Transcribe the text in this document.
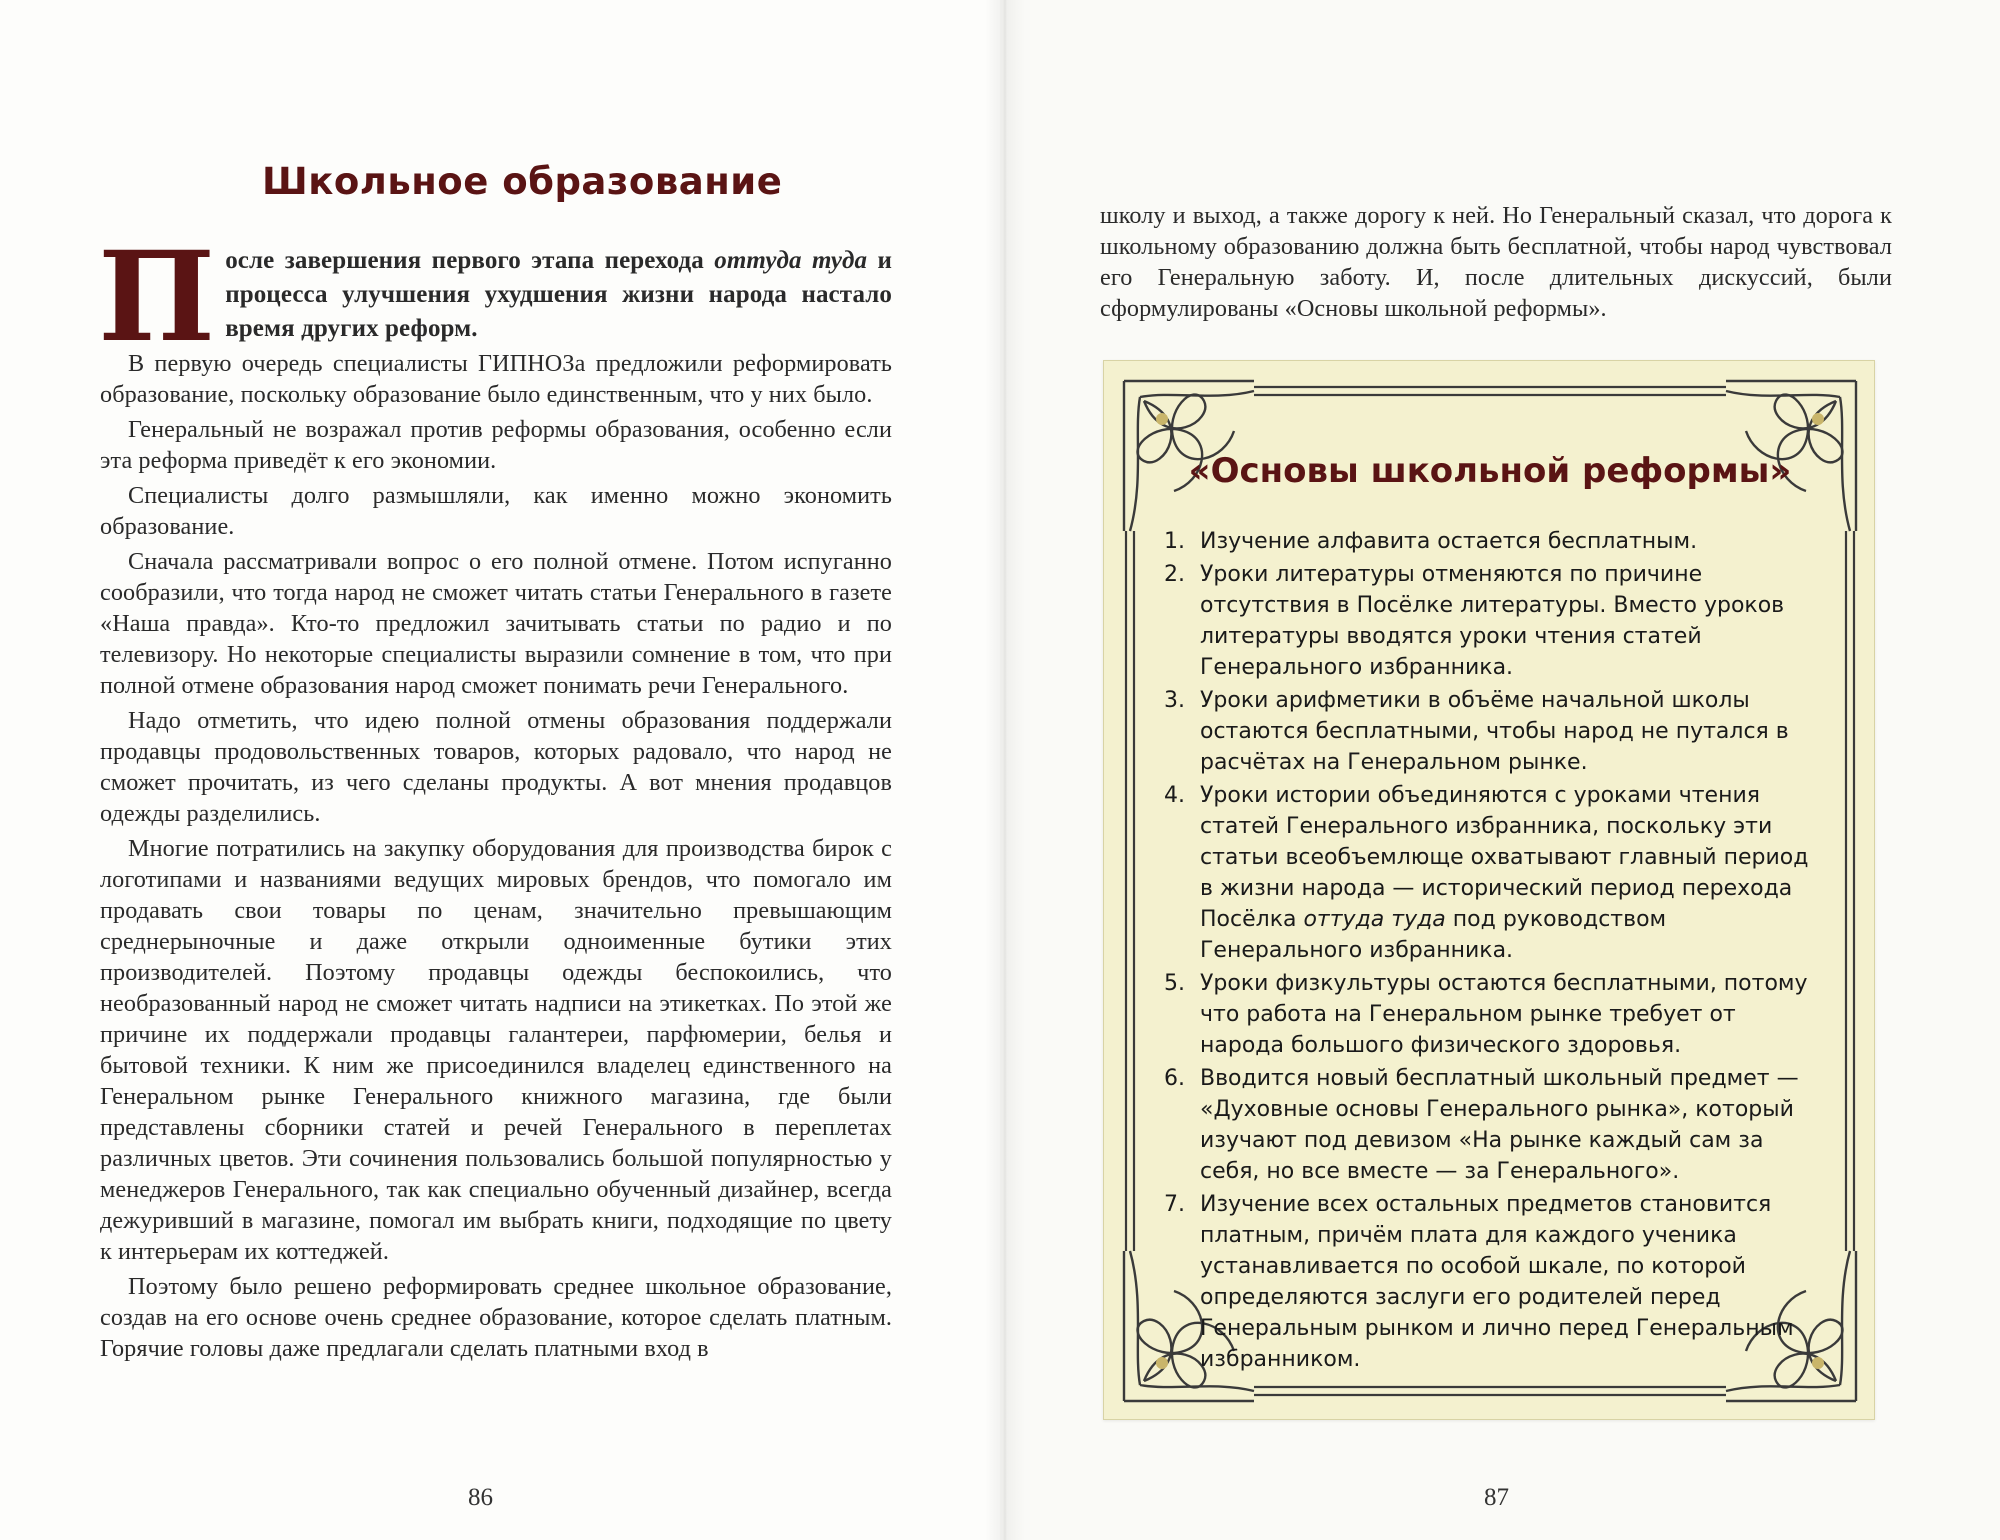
Школьное образование

После завершения первого этапа перехода оттуда туда и процесса улучшения ухудшения жизни народа настало время других реформ.

В первую очередь специалисты ГИПНОЗа предложили реформировать образование, поскольку образование было единственным, что у них было.

Генеральный не возражал против реформы образования, особенно если эта реформа приведёт к его экономии.

Специалисты долго размышляли, как именно можно экономить образование.

Сначала рассматривали вопрос о его полной отмене. Потом испуганно сообразили, что тогда народ не сможет читать статьи Генерального в газете «Наша правда». Кто-то предложил зачитывать статьи по радио и по телевизору. Но некоторые специалисты выразили сомнение в том, что при полной отмене образования народ сможет понимать речи Генерального.

Надо отметить, что идею полной отмены образования поддержали продавцы продовольственных товаров, которых радовало, что народ не сможет прочитать, из чего сделаны продукты. А вот мнения продавцов одежды разделились.

Многие потратились на закупку оборудования для производства бирок с логотипами и названиями ведущих мировых брендов, что помогало им продавать свои товары по ценам, значительно превышающим среднерыночные и даже открыли одноименные бутики этих производителей. Поэтому продавцы одежды беспокоились, что необразованный народ не сможет читать надписи на этикетках. По этой же причине их поддержали продавцы галантереи, парфюмерии, белья и бытовой техники. К ним же присоединился владелец единственного на Генеральном рынке Генерального книжного магазина, где были представлены сборники статей и речей Генерального в переплетах различных цветов. Эти сочинения пользовались большой популярностью у менеджеров Генерального, так как специально обученный дизайнер, всегда дежуривший в магазине, помогал им выбрать книги, подходящие по цвету к интерьерам их коттеджей.

Поэтому было решено реформировать среднее школьное образование, создав на его основе очень среднее образование, которое сделать платным. Горячие головы даже предлагали сделать платными вход в

86
школу и выход, а также дорогу к ней. Но Генеральный сказал, что дорога к школьному образованию должна быть бесплатной, чтобы народ чувствовал его Генеральную заботу. И, после длительных дискуссий, были сформулированы «Основы школьной реформы».
«Основы школьной реформы»
1. Изучение алфавита остается бесплатным.
2. Уроки литературы отменяются по причине отсутствия в Посёлке литературы. Вместо уроков литературы вводятся уроки чтения статей Генерального избранника.
3. Уроки арифметики в объёме начальной школы остаются бесплатными, чтобы народ не путался в расчётах на Генеральном рынке.
4. Уроки истории объединяются с уроками чтения статей Генерального избранника, поскольку эти статьи всеобъемлюще охватывают главный период в жизни народа — исторический период перехода Посёлка оттуда туда под руководством Генерального избранника.
5. Уроки физкультуры остаются бесплатными, потому что работа на Генеральном рынке требует от народа большого физического здоровья.
6. Вводится новый бесплатный школьный предмет — «Духовные основы Генерального рынка», который изучают под девизом «На рынке каждый сам за себя, но все вместе — за Генерального».
7. Изучение всех остальных предметов становится платным, причём плата для каждого ученика устанавливается по особой шкале, по которой определяются заслуги его родителей перед Генеральным рынком и лично перед Генеральным избранником.
87
